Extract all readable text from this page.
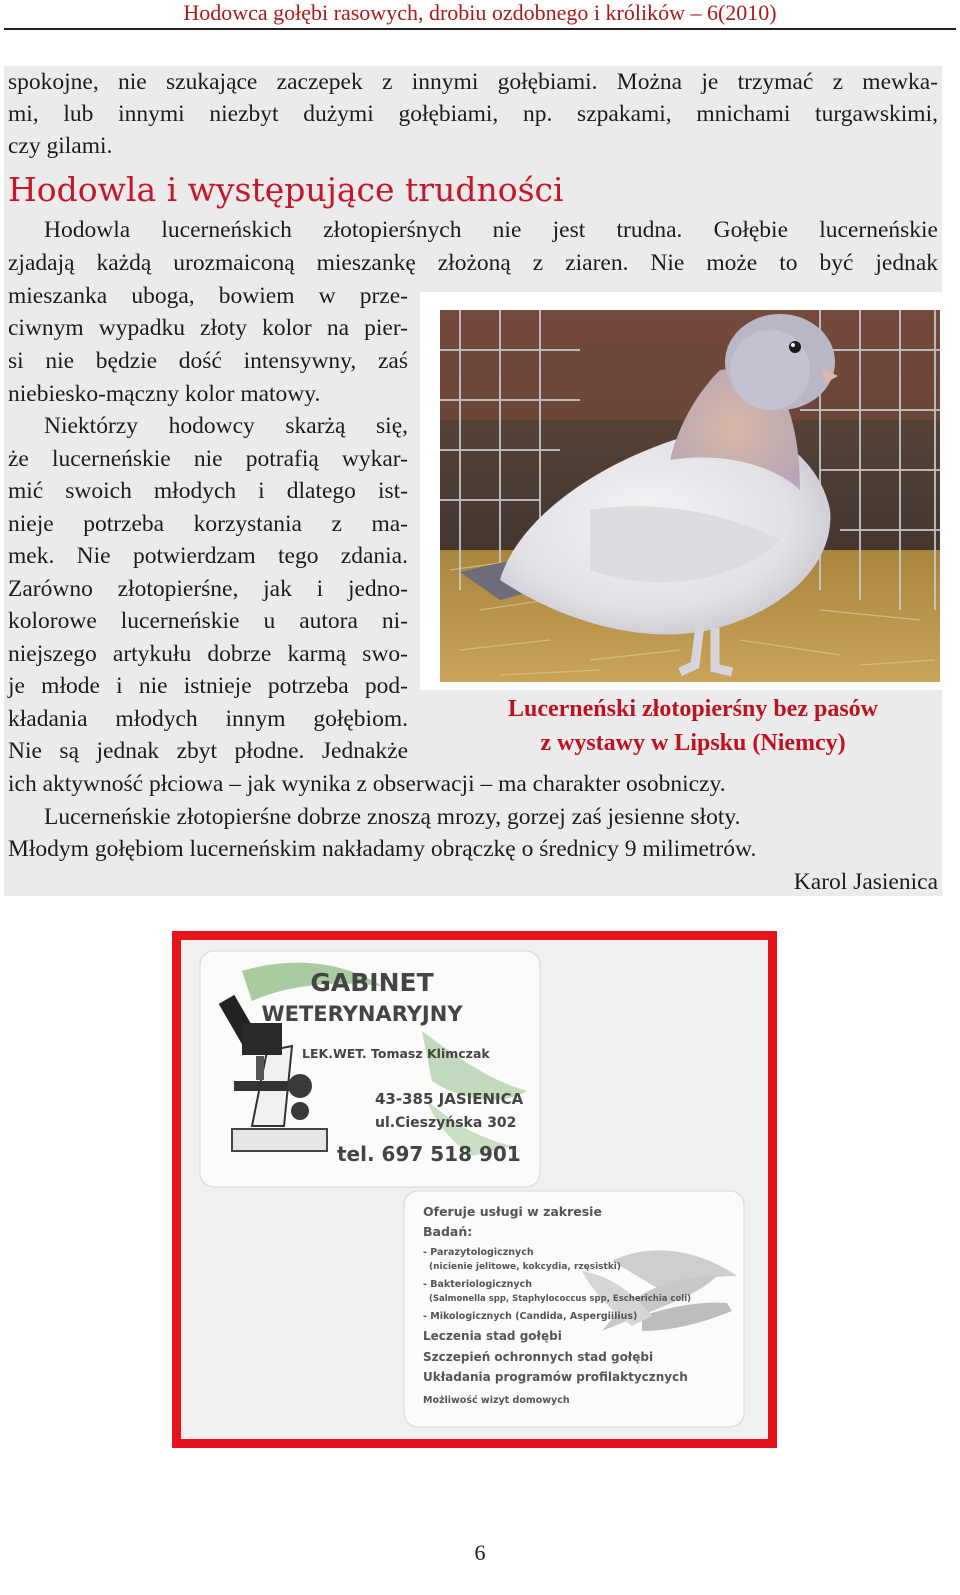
Hodowca gołębi rasowych, drobiu ozdobnego i królików – 6(2010)

spokojne, nie szukające zaczepek z innymi gołębiami. Można je trzymać z mewka-

mi, lub innymi niezbyt dużymi gołębiami, np. szpakami, mnichami turgawskimi,

czy gilami.

Hodowla i występujące trudności

Hodowla lucerneńskich złotopierśnych nie jest trudna. Gołębie lucerneńskie

zjadają każdą urozmaiconą mieszankę złożoną z ziaren. Nie może to być jednak

mieszanka uboga, bowiem w prze-

ciwnym wypadku złoty kolor na pier-

si nie będzie dość intensywny, zaś

niebiesko-mączny kolor matowy.

Niektórzy hodowcy skarżą się,

że lucerneńskie nie potrafią wykar-

mić swoich młodych i dlatego ist-

nieje potrzeba korzystania z ma-

mek. Nie potwierdzam tego zdania.

Zarówno złotopierśne, jak i jedno-

kolorowe lucerneńskie u autora ni-

niejszego artykułu dobrze karmą swo-

je młode i nie istnieje potrzeba pod-

kładania młodych innym gołębiom.

Nie są jednak zbyt płodne. Jednakże

Lucerneński złotopierśny bez pasów
z wystawy w Lipsku (Niemcy)

ich aktywność płciowa – jak wynika z obserwacji – ma charakter osobniczy.

Lucerneńskie złotopierśne dobrze znoszą mrozy, gorzej zaś jesienne słoty.

Młodym gołębiom lucerneńskim nakładamy obrączkę o średnicy 9 milimetrów.

Karol Jasienica

GABINET
WETERYNARYJNY
LEK.WET. Tomasz Klimczak
43-385 JASIENICA
ul.Cieszyńska 302
tel. 697 518 901
Oferuje usługi w zakresie
Badań:
- Parazytologicznych
(nicienie jelitowe, kokcydia, rzęsistki)
- Bakteriologicznych
(Salmonella spp, Staphylococcus spp, Escherichia coli)
- Mikologicznych (Candida, Aspergiilius)
Leczenia stad gołębi
Szczepień ochronnych stad gołębi
Układania programów profilaktycznych
Możliwość wizyt domowych
6
